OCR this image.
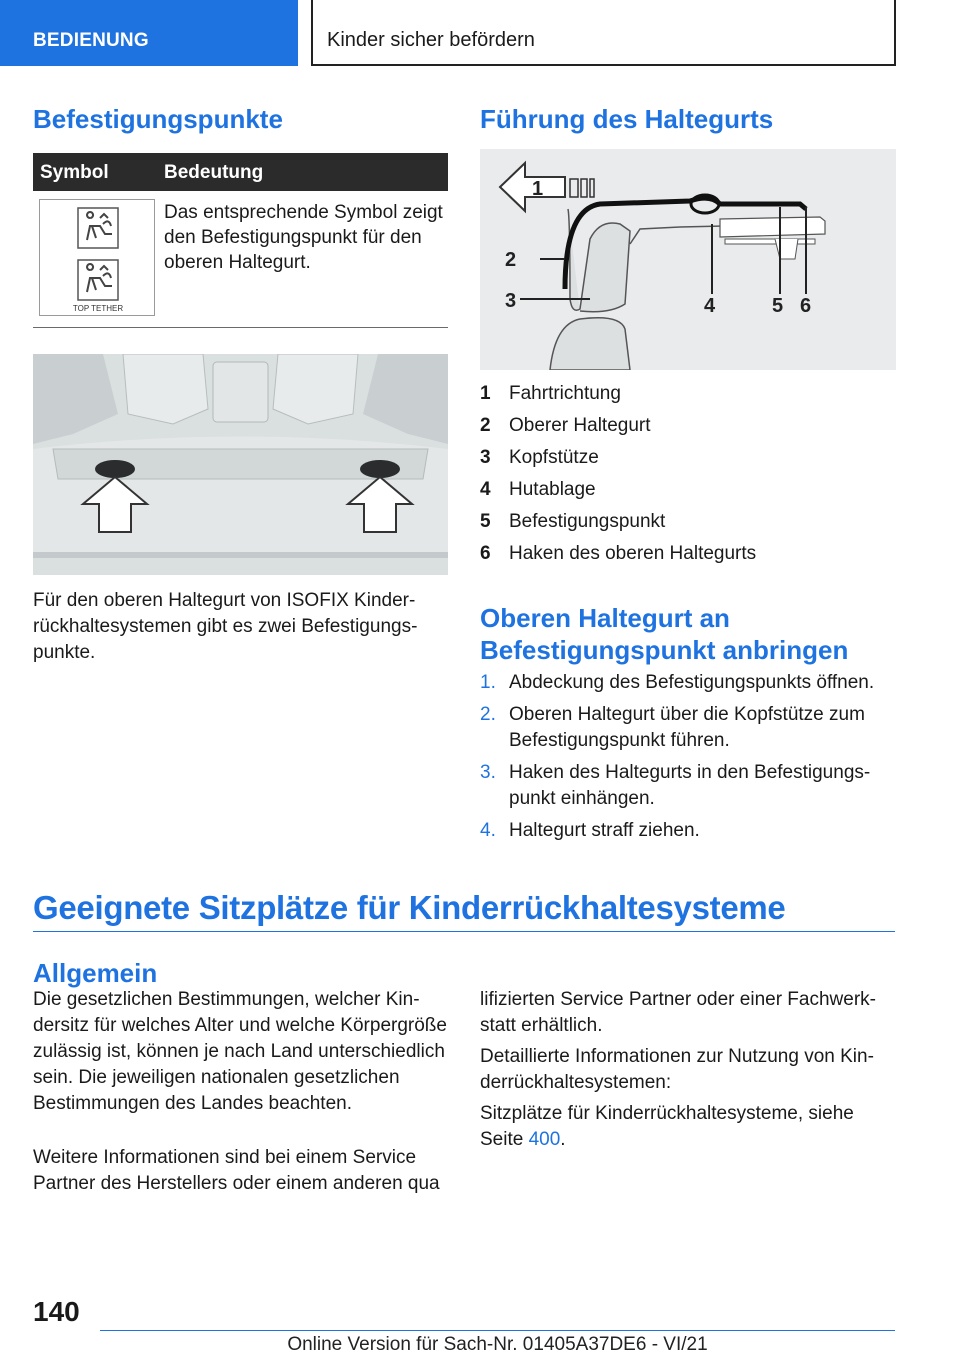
BEDIENUNG	Kinder sicher befördern
Befestigungspunkte
Symbol	Bedeutung
TOP TETHER
Das entsprechende Symbol zeigt den Befestigungspunkt für den oberen Haltegurt.
Für den oberen Haltegurt von ISOFIX Kinderrückhaltesystemen gibt es zwei Befestigungspunkte.
Führung des Haltegurts
1
2
3	4	5 6
1 Fahrtrichtung
2 Oberer Haltegurt
3 Kopfstütze
4 Hutablage
5 Befestigungspunkt
6 Haken des oberen Haltegurts
Oberen Haltegurt an
Befestigungspunkt anbringen
1. Abdeckung des Befestigungspunkts öffnen.
2. Oberen Haltegurt über die Kopfstütze zum Befestigungspunkt führen.
3. Haken des Haltegurts in den Befestigungspunkt einhängen.
4. Haltegurt straff ziehen.
Geeignete Sitzplätze für Kinderrückhaltesysteme
Allgemein
Die gesetzlichen Bestimmungen, welcher Kindersitz für welches Alter und welche Körpergröße zulässig ist, können je nach Land unterschiedlich sein. Die jeweiligen nationalen gesetzlichen Bestimmungen des Landes beachten.
Weitere Informationen sind bei einem Service Partner des Herstellers oder einem anderen qua
lifizierten Service Partner oder einer Fachwerkstatt erhältlich.
Detaillierte Informationen zur Nutzung von Kinderrückhaltesystemen:
Sitzplätze für Kinderrückhaltesysteme, siehe Seite 400.
140
Online Version für Sach-Nr. 01405A37DE6 - VI/21
